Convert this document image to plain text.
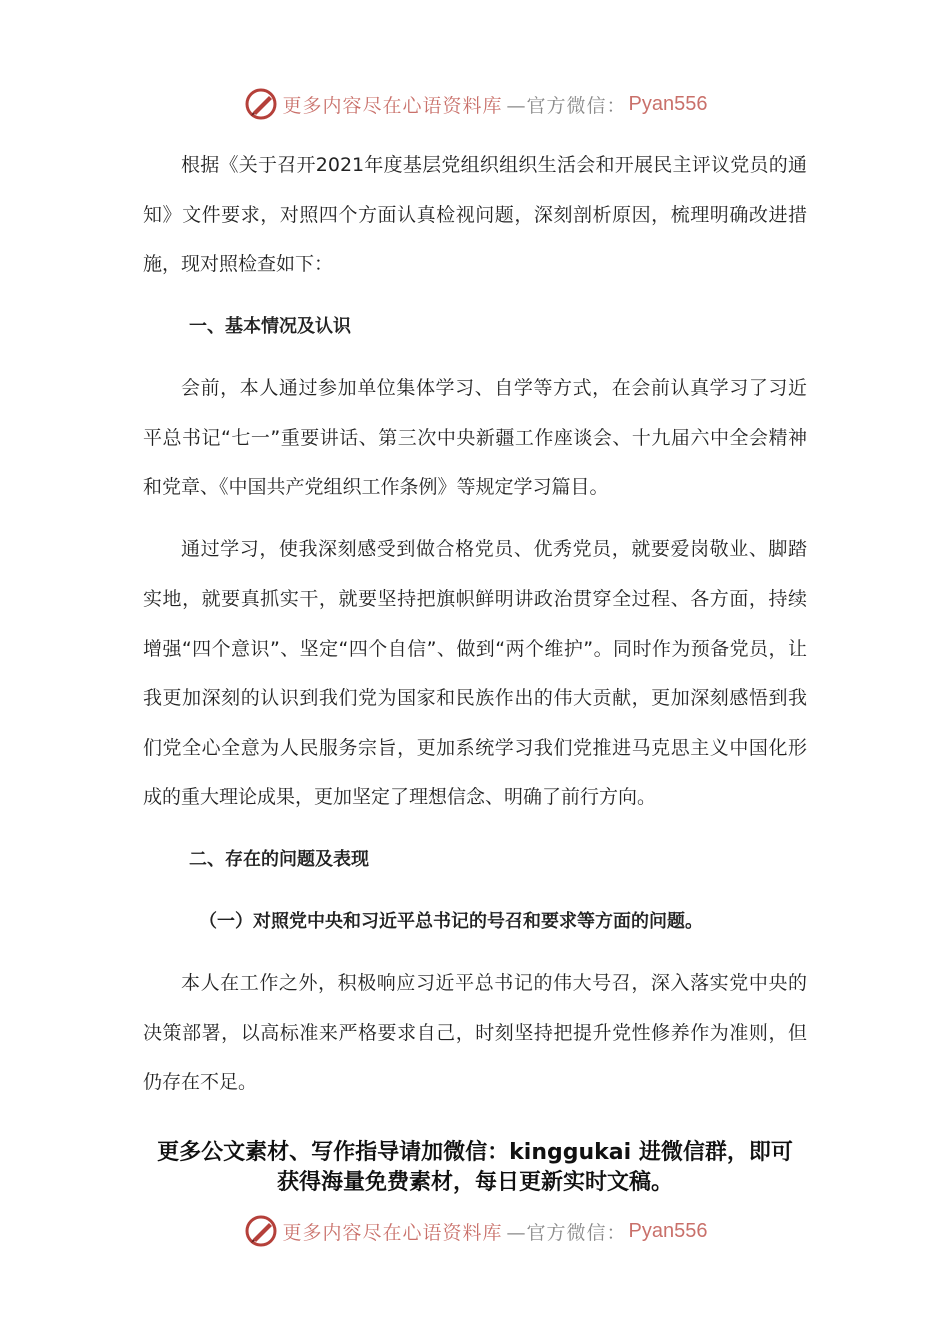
更多内容尽在心语资料库 —官方微信： Pyan556

根据《关于召开2021年度基层党组织组织生活会和开展民主评议党员的通知》文件要求，对照四个方面认真检视问题，深刻剖析原因，梳理明确改进措施，现对照检查如下：

一、基本情况及认识

会前，本人通过参加单位集体学习、自学等方式，在会前认真学习了习近平总书记“七一”重要讲话、第三次中央新疆工作座谈会、十九届六中全会精神和党章、《中国共产党组织工作条例》等规定学习篇目。

通过学习，使我深刻感受到做合格党员、优秀党员，就要爱岗敬业、脚踏实地，就要真抓实干，就要坚持把旗帜鲜明讲政治贯穿全过程、各方面，持续增强“四个意识”、坚定“四个自信”、做到“两个维护”。同时作为预备党员，让我更加深刻的认识到我们党为国家和民族作出的伟大贡献，更加深刻感悟到我们党全心全意为人民服务宗旨，更加系统学习我们党推进马克思主义中国化形成的重大理论成果，更加坚定了理想信念、明确了前行方向。

二、存在的问题及表现

（一）对照党中央和习近平总书记的号召和要求等方面的问题。

本人在工作之外，积极响应习近平总书记的伟大号召，深入落实党中央的决策部署，以高标准来严格要求自己，时刻坚持把提升党性修养作为准则，但仍存在不足。

更多公文素材、写作指导请加微信：kinggukai 进微信群，即可
获得海量免费素材，每日更新实时文稿。
更多内容尽在心语资料库 —官方微信： Pyan556
